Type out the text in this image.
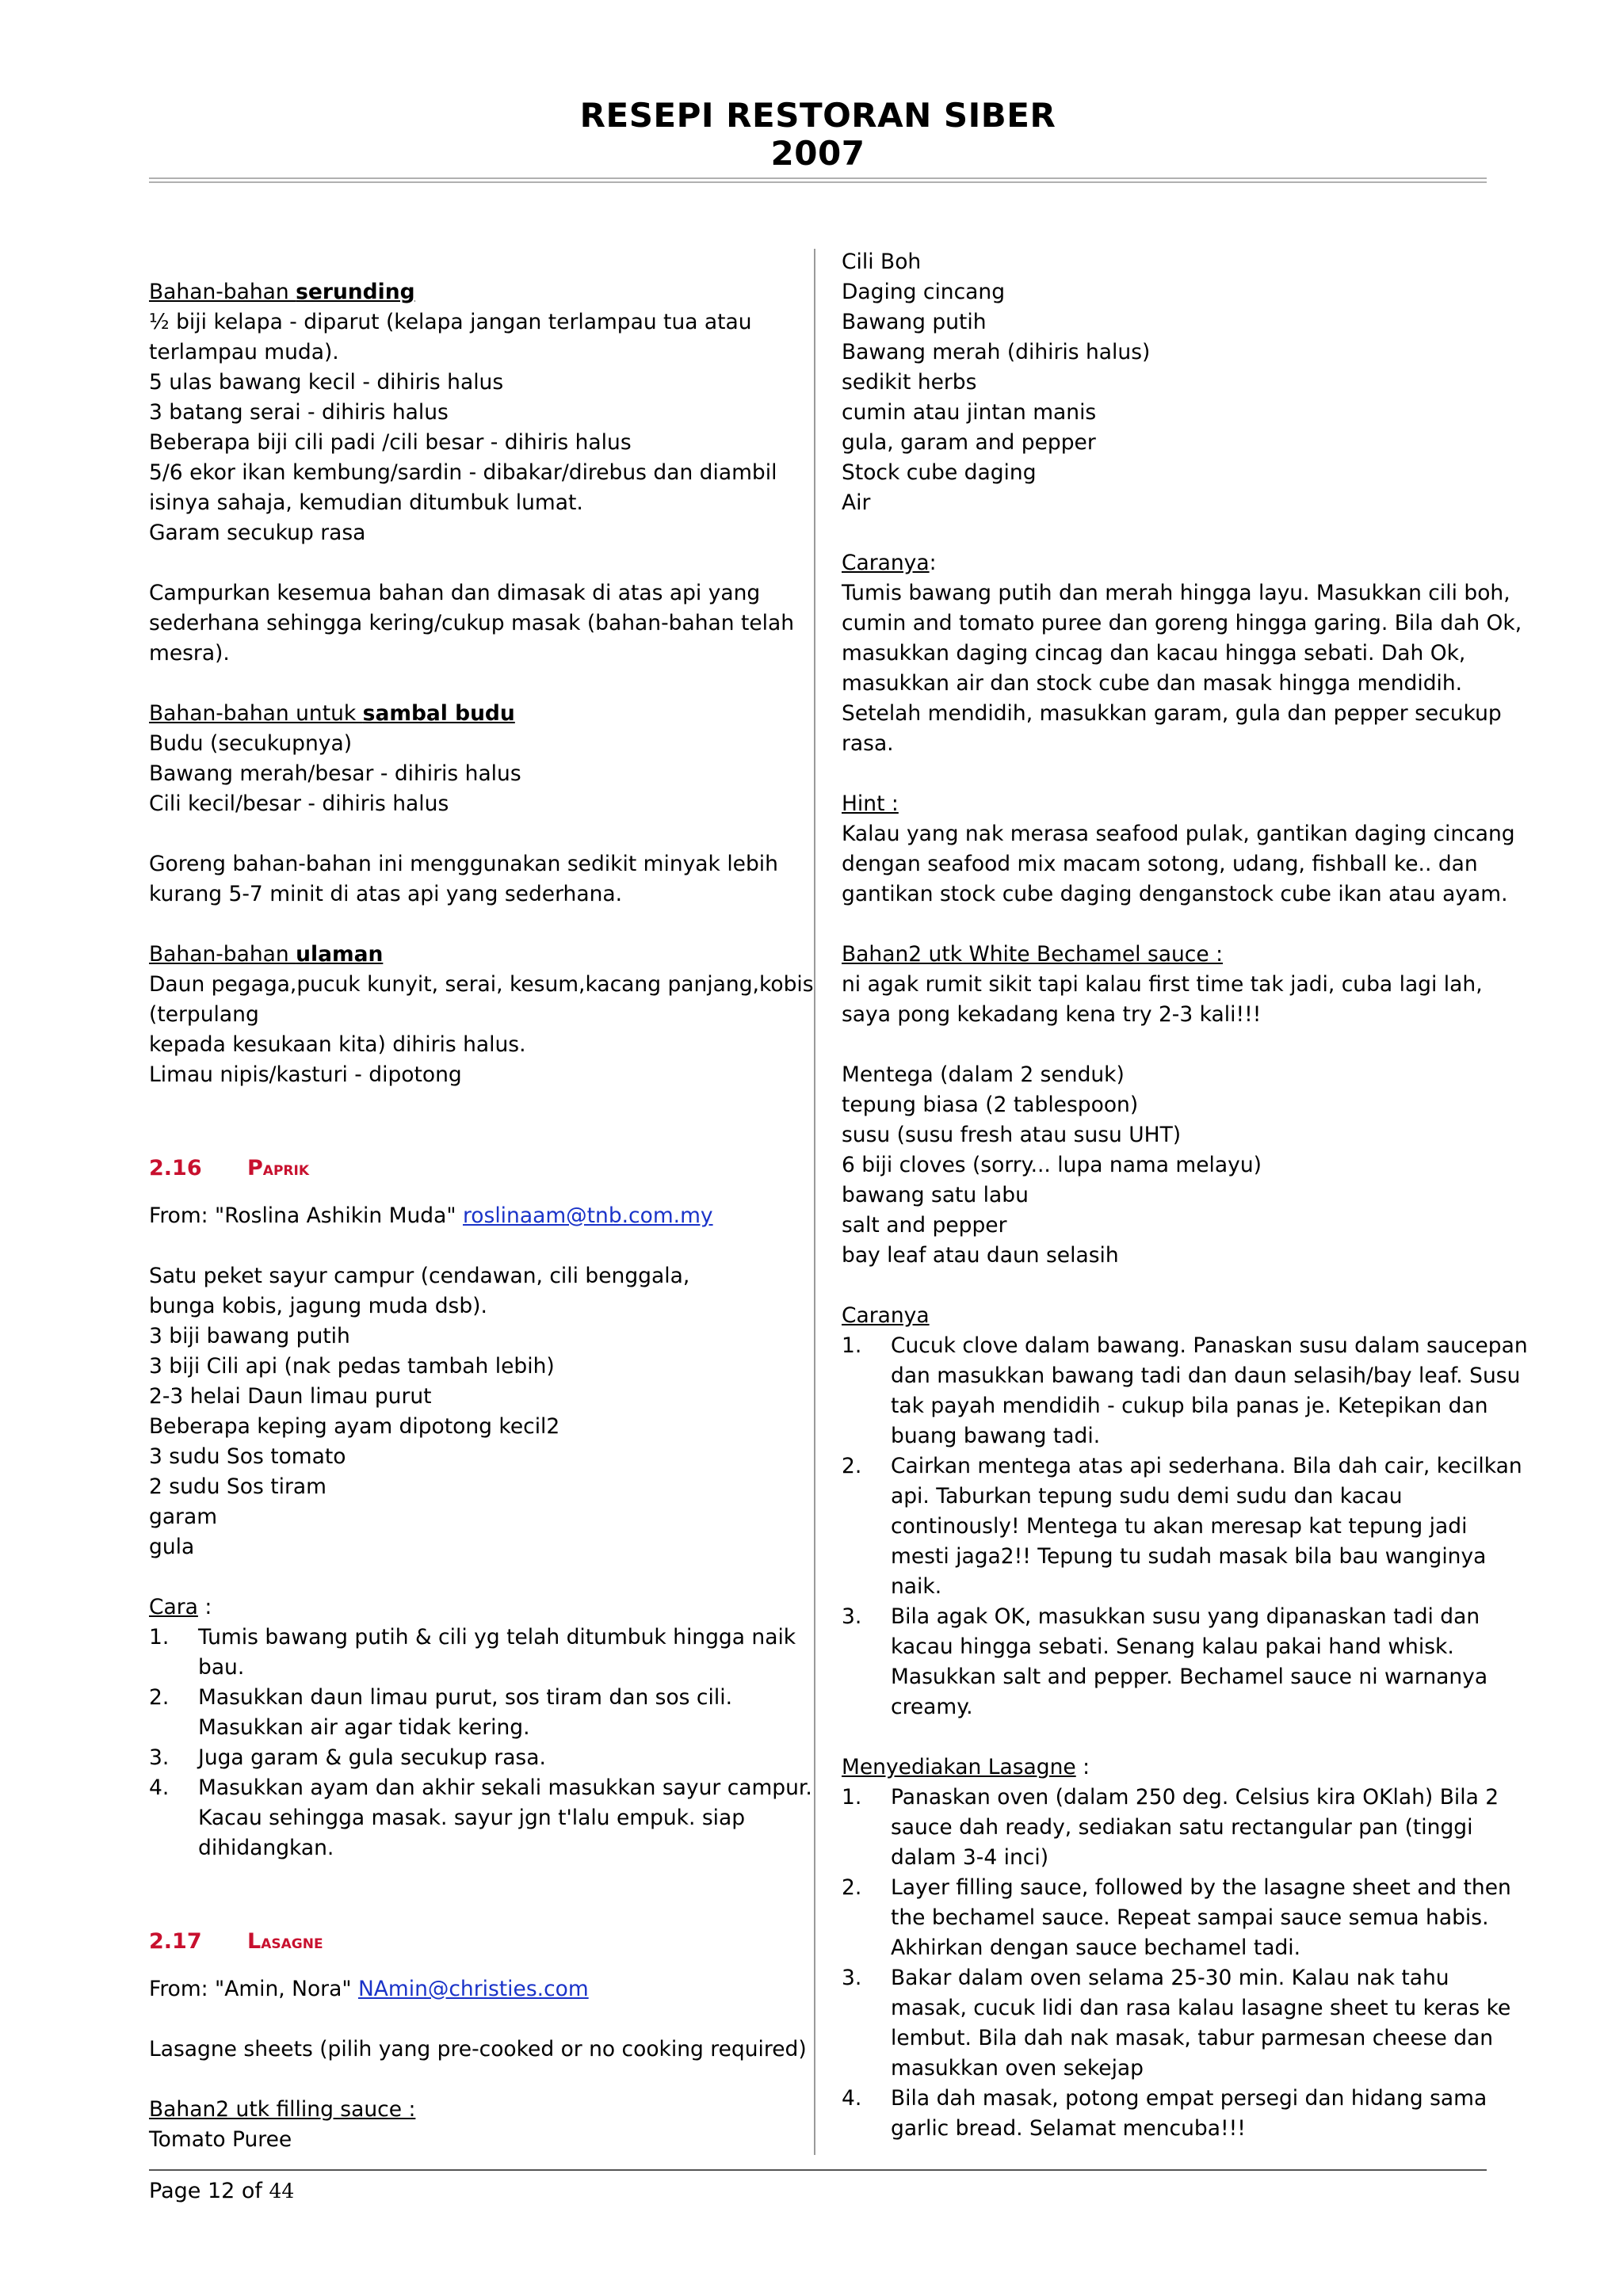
RESEPI RESTORAN SIBER
2007
Bahan-bahan serunding
½ biji kelapa - diparut (kelapa jangan terlampau tua atau
terlampau muda).
5 ulas bawang kecil - dihiris halus
3 batang serai - dihiris halus
Beberapa biji cili padi /cili besar - dihiris halus
5/6 ekor ikan kembung/sardin - dibakar/direbus dan diambil
isinya sahaja, kemudian ditumbuk lumat.
Garam secukup rasa
Campurkan kesemua bahan dan dimasak di atas api yang
sederhana sehingga kering/cukup masak (bahan-bahan telah
mesra).
Bahan-bahan untuk sambal budu
Budu (secukupnya)
Bawang merah/besar - dihiris halus
Cili kecil/besar - dihiris halus
Goreng bahan-bahan ini menggunakan sedikit minyak lebih
kurang 5-7 minit di atas api yang sederhana.
Bahan-bahan ulaman
Daun pegaga,pucuk kunyit, serai, kesum,kacang panjang,kobis
(terpulang
kepada kesukaan kita) dihiris halus.
Limau nipis/kasturi - dipotong
2.16	PAPRIK
From: "Roslina Ashikin Muda" roslinaam@tnb.com.my
Satu peket sayur campur (cendawan, cili benggala,
bunga kobis, jagung muda dsb).
3 biji bawang putih
3 biji Cili api (nak pedas tambah lebih)
2-3 helai Daun limau purut
Beberapa keping ayam dipotong kecil2
3 sudu Sos tomato
2 sudu Sos tiram
garam
gula
Cara :
1. Tumis bawang putih & cili yg telah ditumbuk hingga naik
bau.
2. Masukkan daun limau purut, sos tiram dan sos cili.
Masukkan air agar tidak kering.
3. Juga garam & gula secukup rasa.
4. Masukkan ayam dan akhir sekali masukkan sayur campur.
Kacau sehingga masak. sayur jgn t'lalu empuk. siap
dihidangkan.
2.17	LASAGNE
From: "Amin, Nora" NAmin@christies.com
Lasagne sheets (pilih yang pre-cooked or no cooking required)
Bahan2 utk filling sauce :
Tomato Puree
Cili Boh
Daging cincang
Bawang putih
Bawang merah (dihiris halus)
sedikit herbs
cumin atau jintan manis
gula, garam and pepper
Stock cube daging
Air
Caranya:
Tumis bawang putih dan merah hingga layu. Masukkan cili boh,
cumin and tomato puree dan goreng hingga garing. Bila dah Ok,
masukkan daging cincag dan kacau hingga sebati. Dah Ok,
masukkan air dan stock cube dan masak hingga mendidih.
Setelah mendidih, masukkan garam, gula dan pepper secukup
rasa.
Hint :
Kalau yang nak merasa seafood pulak, gantikan daging cincang
dengan seafood mix macam sotong, udang, fishball ke.. dan
gantikan stock cube daging denganstock cube ikan atau ayam.
Bahan2 utk White Bechamel sauce :
ni agak rumit sikit tapi kalau first time tak jadi, cuba lagi lah,
saya pong kekadang kena try 2-3 kali!!!
Mentega (dalam 2 senduk)
tepung biasa (2 tablespoon)
susu (susu fresh atau susu UHT)
6 biji cloves (sorry... lupa nama melayu)
bawang satu labu
salt and pepper
bay leaf atau daun selasih
Caranya
1. Cucuk clove dalam bawang. Panaskan susu dalam saucepan
dan masukkan bawang tadi dan daun selasih/bay leaf. Susu
tak payah mendidih - cukup bila panas je. Ketepikan dan
buang bawang tadi.
2. Cairkan mentega atas api sederhana. Bila dah cair, kecilkan
api. Taburkan tepung sudu demi sudu dan kacau
continously! Mentega tu akan meresap kat tepung jadi
mesti jaga2!! Tepung tu sudah masak bila bau wanginya
naik.
3. Bila agak OK, masukkan susu yang dipanaskan tadi dan
kacau hingga sebati. Senang kalau pakai hand whisk.
Masukkan salt and pepper. Bechamel sauce ni warnanya
creamy.
Menyediakan Lasagne :
1. Panaskan oven (dalam 250 deg. Celsius kira OKlah) Bila 2
sauce dah ready, sediakan satu rectangular pan (tinggi
dalam 3-4 inci)
2. Layer filling sauce, followed by the lasagne sheet and then
the bechamel sauce. Repeat sampai sauce semua habis.
Akhirkan dengan sauce bechamel tadi.
3. Bakar dalam oven selama 25-30 min. Kalau nak tahu
masak, cucuk lidi dan rasa kalau lasagne sheet tu keras ke
lembut. Bila dah nak masak, tabur parmesan cheese dan
masukkan oven sekejap
4. Bila dah masak, potong empat persegi dan hidang sama
garlic bread. Selamat mencuba!!!
Page 12 of 44
